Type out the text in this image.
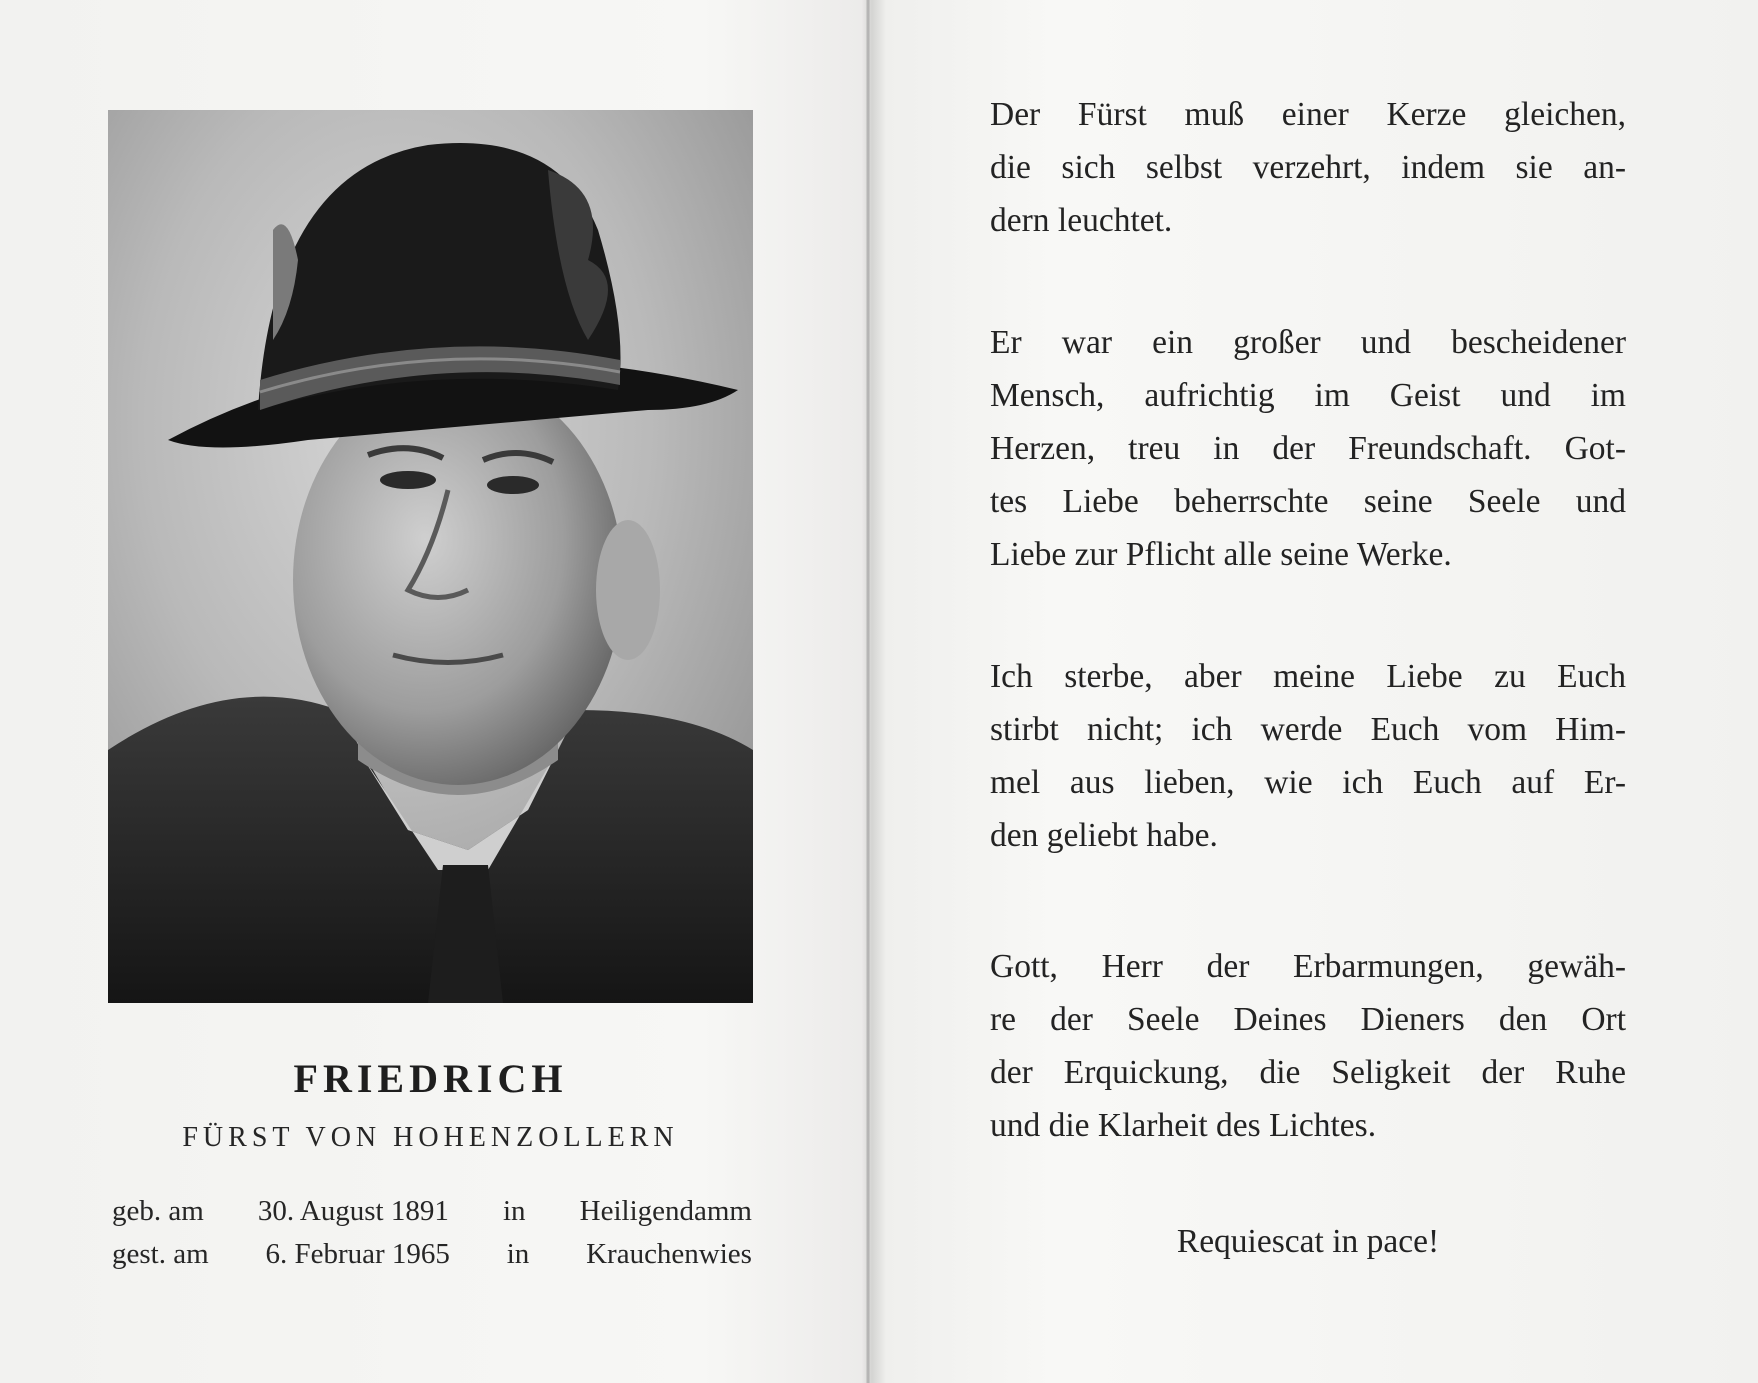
FRIEDRICH
FÜRST VON HOHENZOLLERN
geb. am 30. August 1891 in Heiligendamm
gest. am 6. Februar 1965 in Krauchenwies
Der Fürst muß einer Kerze gleichen,
die sich selbst verzehrt, indem sie an-
dern leuchtet.
Er war ein großer und bescheidener
Mensch, aufrichtig im Geist und im
Herzen, treu in der Freundschaft. Got-
tes Liebe beherrschte seine Seele und
Liebe zur Pflicht alle seine Werke.
Ich sterbe, aber meine Liebe zu Euch
stirbt nicht; ich werde Euch vom Him-
mel aus lieben, wie ich Euch auf Er-
den geliebt habe.
Gott, Herr der Erbarmungen, gewäh-
re der Seele Deines Dieners den Ort
der Erquickung, die Seligkeit der Ruhe
und die Klarheit des Lichtes.
Requiescat in pace!
